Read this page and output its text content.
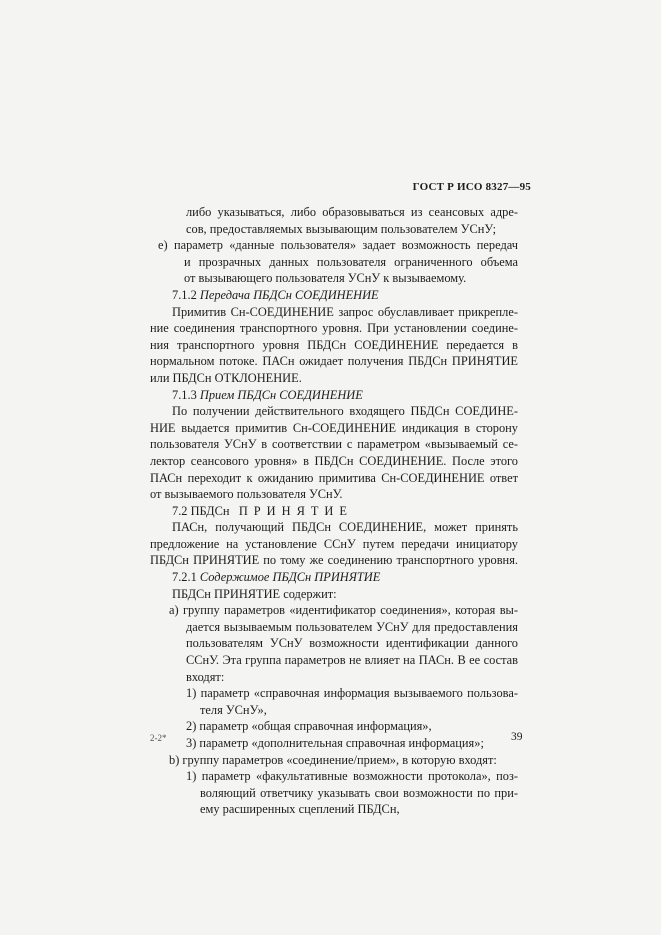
ГОСТ Р ИСО 8327—95
либо указываться, либо образовываться из сеансовых адре-
сов, предоставляемых вызывающим пользователем УСнУ;
е) параметр «данные пользователя» задает возможность передач
и прозрачных данных пользователя ограниченного объема
от вызывающего пользователя УСнУ к вызываемому.
7.1.2 Передача ПБДСн СОЕДИНЕНИЕ
Примитив Сн-СОЕДИНЕНИЕ запрос обуславливает прикрепле-
ние соединения транспортного уровня. При установлении соедине-
ния транспортного уровня ПБДСн СОЕДИНЕНИЕ передается в
нормальном потоке. ПАСн ожидает получения ПБДСн ПРИНЯТИЕ
или ПБДСн ОТКЛОНЕНИЕ.
7.1.3 Прием ПБДСн СОЕДИНЕНИЕ
По получении действительного входящего ПБДСн СОЕДИНЕ-
НИЕ выдается примитив Сн-СОЕДИНЕНИЕ индикация в сторону
пользователя УСнУ в соответствии с параметром «вызываемый се-
лектор сеансового уровня» в ПБДСн СОЕДИНЕНИЕ. После этого
ПАСн переходит к ожиданию примитива Сн-СОЕДИНЕНИЕ ответ
от вызываемого пользователя УСнУ.
7.2 ПБДСн ПРИНЯТИЕ
ПАСн, получающий ПБДСн СОЕДИНЕНИЕ, может принять
предложение на установление ССнУ путем передачи инициатору
ПБДСн ПРИНЯТИЕ по тому же соединению транспортного уровня.
7.2.1 Содержимое ПБДСн ПРИНЯТИЕ
ПБДСн ПРИНЯТИЕ содержит:
а) группу параметров «идентификатор соединения», которая вы-
дается вызываемым пользователем УСнУ для предоставления
пользователям УСнУ возможности идентификации данного
ССнУ. Эта группа параметров не влияет на ПАСн. В ее состав
входят:
1) параметр «справочная информация вызываемого пользова-
теля УСнУ»,
2) параметр «общая справочная информация»,
3) параметр «дополнительная справочная информация»;
b) группу параметров «соединение/прием», в которую входят:
1) параметр «факультативные возможности протокола», поз-
воляющий ответчику указывать свои возможности по при-
ему расширенных сцеплений ПБДСн,
2-2*	39
